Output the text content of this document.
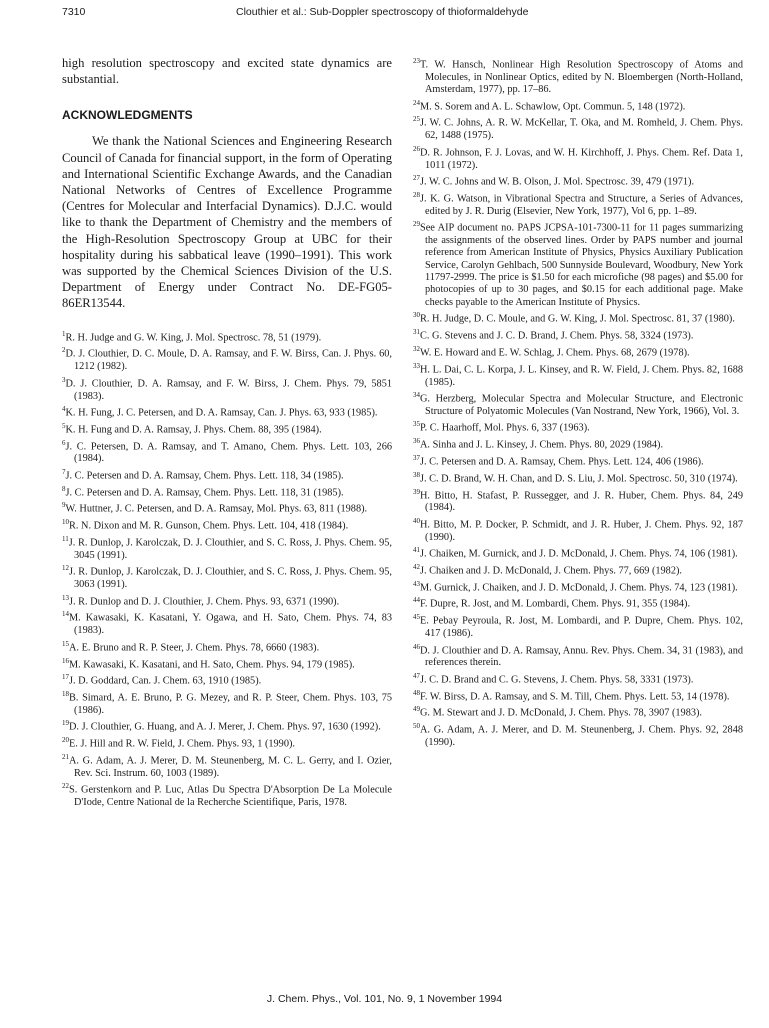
7310	Clouthier et al.: Sub-Doppler spectroscopy of thioformaldehyde

high resolution spectroscopy and excited state dynamics are substantial.

ACKNOWLEDGMENTS

We thank the National Sciences and Engineering Research Council of Canada for financial support, in the form of Operating and International Scientific Exchange Awards, and the Canadian National Networks of Centres of Excellence Programme (Centres for Molecular and Interfacial Dynamics). D.J.C. would like to thank the Department of Chemistry and the members of the High-Resolution Spectroscopy Group at UBC for their hospitality during his sabbatical leave (1990–1991). This work was supported by the Chemical Sciences Division of the U.S. Department of Energy under Contract No. DE-FG05-86ER13544.

$^1$R. H. Judge and G. W. King, J. Mol. Spectrosc. 78, 51 (1979).
$^2$D. J. Clouthier, D. C. Moule, D. A. Ramsay, and F. W. Birss, Can. J. Phys. 60, 1212 (1982).
$^3$D. J. Clouthier, D. A. Ramsay, and F. W. Birss, J. Chem. Phys. 79, 5851 (1983).
$^4$K. H. Fung, J. C. Petersen, and D. A. Ramsay, Can. J. Phys. 63, 933 (1985).
$^5$K. H. Fung and D. A. Ramsay, J. Phys. Chem. 88, 395 (1984).
$^6$J. C. Petersen, D. A. Ramsay, and T. Amano, Chem. Phys. Lett. 103, 266 (1984).
$^7$J. C. Petersen and D. A. Ramsay, Chem. Phys. Lett. 118, 34 (1985).
$^8$J. C. Petersen and D. A. Ramsay, Chem. Phys. Lett. 118, 31 (1985).
$^9$W. Huttner, J. C. Petersen, and D. A. Ramsay, Mol. Phys. 63, 811 (1988).
$^{10}$R. N. Dixon and M. R. Gunson, Chem. Phys. Lett. 104, 418 (1984).
$^{11}$J. R. Dunlop, J. Karolczak, D. J. Clouthier, and S. C. Ross, J. Phys. Chem. 95, 3045 (1991).
$^{12}$J. R. Dunlop, J. Karolczak, D. J. Clouthier, and S. C. Ross, J. Phys. Chem. 95, 3063 (1991).
$^{13}$J. R. Dunlop and D. J. Clouthier, J. Chem. Phys. 93, 6371 (1990).
$^{14}$M. Kawasaki, K. Kasatani, Y. Ogawa, and H. Sato, Chem. Phys. 74, 83 (1983).
$^{15}$A. E. Bruno and R. P. Steer, J. Chem. Phys. 78, 6660 (1983).
$^{16}$M. Kawasaki, K. Kasatani, and H. Sato, Chem. Phys. 94, 179 (1985).
$^{17}$J. D. Goddard, Can. J. Chem. 63, 1910 (1985).
$^{18}$B. Simard, A. E. Bruno, P. G. Mezey, and R. P. Steer, Chem. Phys. 103, 75 (1986).
$^{19}$D. J. Clouthier, G. Huang, and A. J. Merer, J. Chem. Phys. 97, 1630 (1992).
$^{20}$E. J. Hill and R. W. Field, J. Chem. Phys. 93, 1 (1990).
$^{21}$A. G. Adam, A. J. Merer, D. M. Steunenberg, M. C. L. Gerry, and I. Ozier, Rev. Sci. Instrum. 60, 1003 (1989).
$^{22}$S. Gerstenkorn and P. Luc, Atlas Du Spectra D'Absorption De La Molecule D'Iode, Centre National de la Recherche Scientifique, Paris, 1978.
$^{23}$T. W. Hansch, Nonlinear High Resolution Spectroscopy of Atoms and Molecules, in Nonlinear Optics, edited by N. Bloembergen (North-Holland, Amsterdam, 1977), pp. 17–86.
$^{24}$M. S. Sorem and A. L. Schawlow, Opt. Commun. 5, 148 (1972).
$^{25}$J. W. C. Johns, A. R. W. McKellar, T. Oka, and M. Romheld, J. Chem. Phys. 62, 1488 (1975).
$^{26}$D. R. Johnson, F. J. Lovas, and W. H. Kirchhoff, J. Phys. Chem. Ref. Data 1, 1011 (1972).
$^{27}$J. W. C. Johns and W. B. Olson, J. Mol. Spectrosc. 39, 479 (1971).
$^{28}$J. K. G. Watson, in Vibrational Spectra and Structure, a Series of Advances, edited by J. R. Durig (Elsevier, New York, 1977), Vol 6, pp. 1–89.
$^{29}$See AIP document no. PAPS JCPSA-101-7300-11 for 11 pages summarizing the assignments of the observed lines. Order by PAPS number and journal reference from American Institute of Physics, Physics Auxiliary Publication Service, Carolyn Gehlbach, 500 Sunnyside Boulevard, Woodbury, New York 11797-2999. The price is $1.50 for each microfiche (98 pages) and $5.00 for photocopies of up to 30 pages, and $0.15 for each additional page. Make checks payable to the American Institute of Physics.
$^{30}$R. H. Judge, D. C. Moule, and G. W. King, J. Mol. Spectrosc. 81, 37 (1980).
$^{31}$C. G. Stevens and J. C. D. Brand, J. Chem. Phys. 58, 3324 (1973).
$^{32}$W. E. Howard and E. W. Schlag, J. Chem. Phys. 68, 2679 (1978).
$^{33}$H. L. Dai, C. L. Korpa, J. L. Kinsey, and R. W. Field, J. Chem. Phys. 82, 1688 (1985).
$^{34}$G. Herzberg, Molecular Spectra and Molecular Structure, and Electronic Structure of Polyatomic Molecules (Van Nostrand, New York, 1966), Vol. 3.
$^{35}$P. C. Haarhoff, Mol. Phys. 6, 337 (1963).
$^{36}$A. Sinha and J. L. Kinsey, J. Chem. Phys. 80, 2029 (1984).
$^{37}$J. C. Petersen and D. A. Ramsay, Chem. Phys. Lett. 124, 406 (1986).
$^{38}$J. C. D. Brand, W. H. Chan, and D. S. Liu, J. Mol. Spectrosc. 50, 310 (1974).
$^{39}$H. Bitto, H. Stafast, P. Russegger, and J. R. Huber, Chem. Phys. 84, 249 (1984).
$^{40}$H. Bitto, M. P. Docker, P. Schmidt, and J. R. Huber, J. Chem. Phys. 92, 187 (1990).
$^{41}$J. Chaiken, M. Gurnick, and J. D. McDonald, J. Chem. Phys. 74, 106 (1981).
$^{42}$J. Chaiken and J. D. McDonald, J. Chem. Phys. 77, 669 (1982).
$^{43}$M. Gurnick, J. Chaiken, and J. D. McDonald, J. Chem. Phys. 74, 123 (1981).
$^{44}$F. Dupre, R. Jost, and M. Lombardi, Chem. Phys. 91, 355 (1984).
$^{45}$E. Pebay Peyroula, R. Jost, M. Lombardi, and P. Dupre, Chem. Phys. 102, 417 (1986).
$^{46}$D. J. Clouthier and D. A. Ramsay, Annu. Rev. Phys. Chem. 34, 31 (1983), and references therein.
$^{47}$J. C. D. Brand and C. G. Stevens, J. Chem. Phys. 58, 3331 (1973).
$^{48}$F. W. Birss, D. A. Ramsay, and S. M. Till, Chem. Phys. Lett. 53, 14 (1978).
$^{49}$G. M. Stewart and J. D. McDonald, J. Chem. Phys. 78, 3907 (1983).
$^{50}$A. G. Adam, A. J. Merer, and D. M. Steunenberg, J. Chem. Phys. 92, 2848 (1990).
J. Chem. Phys., Vol. 101, No. 9, 1 November 1994
